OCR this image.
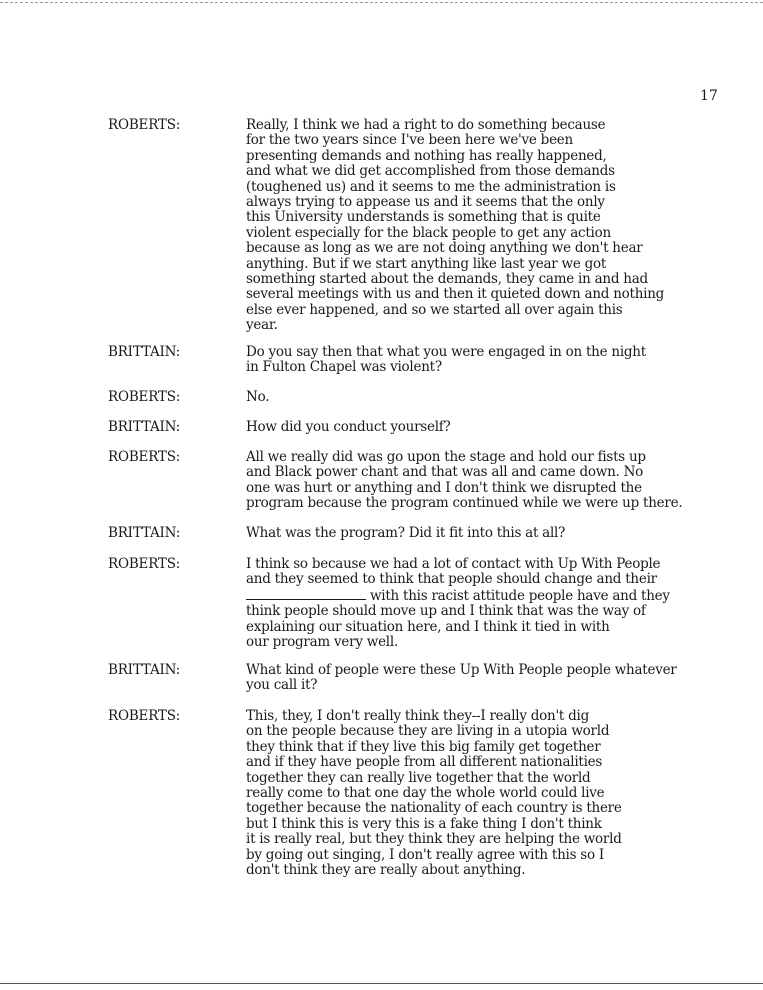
17
ROBERTS:	Really, I think we had a right to do something because
for the two years since I've been here we've been
presenting demands and nothing has really happened,
and what we did get accomplished from those demands
(toughened us) and it seems to me the administration is
always trying to appease us and it seems that the only
this University understands is something that is quite
violent especially for the black people to get any action
because as long as we are not doing anything we don't hear
anything. But if we start anything like last year we got
something started about the demands, they came in and had
several meetings with us and then it quieted down and nothing
else ever happened, and so we started all over again this
year.
BRITTAIN:	Do you say then that what you were engaged in on the night
in Fulton Chapel was violent?
ROBERTS:	No.
BRITTAIN:	How did you conduct yourself?
ROBERTS:	All we really did was go upon the stage and hold our fists up
and Black power chant and that was all and came down. No
one was hurt or anything and I don't think we disrupted the
program because the program continued while we were up there.
BRITTAIN:	What was the program? Did it fit into this at all?
ROBERTS:	I think so because we had a lot of contact with Up With People
and they seemed to think that people should change and their
with this racist attitude people have and they
think people should move up and I think that was the way of
explaining our situation here, and I think it tied in with
our program very well.
BRITTAIN:	What kind of people were these Up With People people whatever
you call it?
ROBERTS:	This, they, I don't really think they--I really don't dig
on the people because they are living in a utopia world
they think that if they live this big family get together
and if they have people from all different nationalities
together they can really live together that the world
really come to that one day the whole world could live
together because the nationality of each country is there
but I think this is very this is a fake thing I don't think
it is really real, but they think they are helping the world
by going out singing, I don't really agree with this so I
don't think they are really about anything.
